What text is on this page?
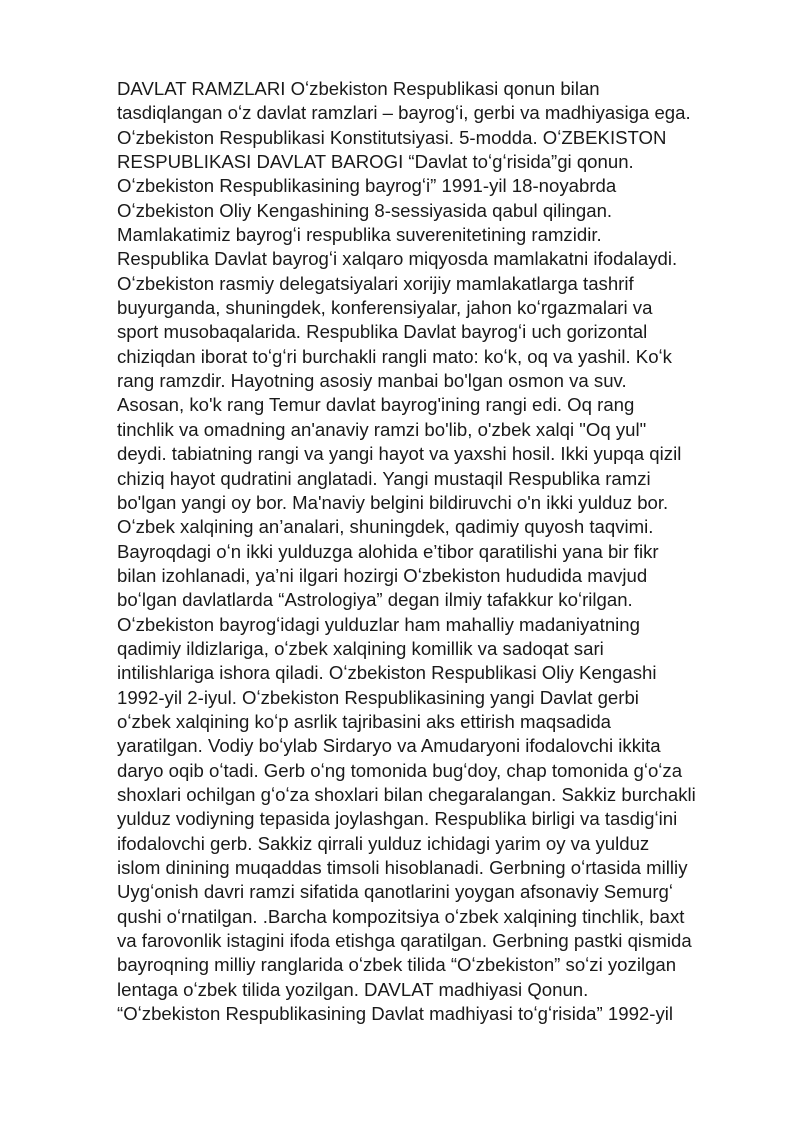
DAVLAT RAMZLARI Oʻzbekiston Respublikasi qonun bilan
tasdiqlangan oʻz davlat ramzlari – bayrogʻi, gerbi va madhiyasiga ega.
Oʻzbekiston Respublikasi Konstitutsiyasi. 5-modda. OʻZBEKISTON
RESPUBLIKASI DAVLAT BAROGI “Davlat toʻgʻrisida”gi qonun.
Oʻzbekiston Respublikasining bayrogʻi” 1991-yil 18-noyabrda
Oʻzbekiston Oliy Kengashining 8-sessiyasida qabul qilingan.
Mamlakatimiz bayrogʻi respublika suverenitetining ramzidir.
Respublika Davlat bayrogʻi xalqaro miqyosda mamlakatni ifodalaydi.
Oʻzbekiston rasmiy delegatsiyalari xorijiy mamlakatlarga tashrif
buyurganda, shuningdek, konferensiyalar, jahon koʻrgazmalari va
sport musobaqalarida. Respublika Davlat bayrogʻi uch gorizontal
chiziqdan iborat toʻgʻri burchakli rangli mato: koʻk, oq va yashil. Koʻk
rang ramzdir. Hayotning asosiy manbai bo'lgan osmon va suv.
Asosan, ko'k rang Temur davlat bayrog'ining rangi edi. Oq rang
tinchlik va omadning an'anaviy ramzi bo'lib, o'zbek xalqi "Oq yul"
deydi. tabiatning rangi va yangi hayot va yaxshi hosil. Ikki yupqa qizil
chiziq hayot qudratini anglatadi. Yangi mustaqil Respublika ramzi
bo'lgan yangi oy bor. Ma'naviy belgini bildiruvchi o'n ikki yulduz bor.
Oʻzbek xalqining an’analari, shuningdek, qadimiy quyosh taqvimi.
Bayroqdagi oʻn ikki yulduzga alohida e’tibor qaratilishi yana bir fikr
bilan izohlanadi, ya’ni ilgari hozirgi Oʻzbekiston hududida mavjud
boʻlgan davlatlarda “Astrologiya” degan ilmiy tafakkur koʻrilgan.
Oʻzbekiston bayrogʻidagi yulduzlar ham mahalliy madaniyatning
qadimiy ildizlariga, oʻzbek xalqining komillik va sadoqat sari
intilishlariga ishora qiladi. Oʻzbekiston Respublikasi Oliy Kengashi
1992-yil 2-iyul. Oʻzbekiston Respublikasining yangi Davlat gerbi
oʻzbek xalqining koʻp asrlik tajribasini aks ettirish maqsadida
yaratilgan. Vodiy boʻylab Sirdaryo va Amudaryoni ifodalovchi ikkita
daryo oqib oʻtadi. Gerb oʻng tomonida bugʻdoy, chap tomonida gʻoʻza
shoxlari ochilgan gʻoʻza shoxlari bilan chegaralangan. Sakkiz burchakli
yulduz vodiyning tepasida joylashgan. Respublika birligi va tasdigʻini
ifodalovchi gerb. Sakkiz qirrali yulduz ichidagi yarim oy va yulduz
islom dinining muqaddas timsoli hisoblanadi. Gerbning oʻrtasida milliy
Uygʻonish davri ramzi sifatida qanotlarini yoygan afsonaviy Semurgʻ
qushi oʻrnatilgan. .Barcha kompozitsiya oʻzbek xalqining tinchlik, baxt
va farovonlik istagini ifoda etishga qaratilgan. Gerbning pastki qismida
bayroqning milliy ranglarida oʻzbek tilida “Oʻzbekiston” soʻzi yozilgan
lentaga oʻzbek tilida yozilgan. DAVLAT madhiyasi Qonun.
“Oʻzbekiston Respublikasining Davlat madhiyasi toʻgʻrisida” 1992-yil
